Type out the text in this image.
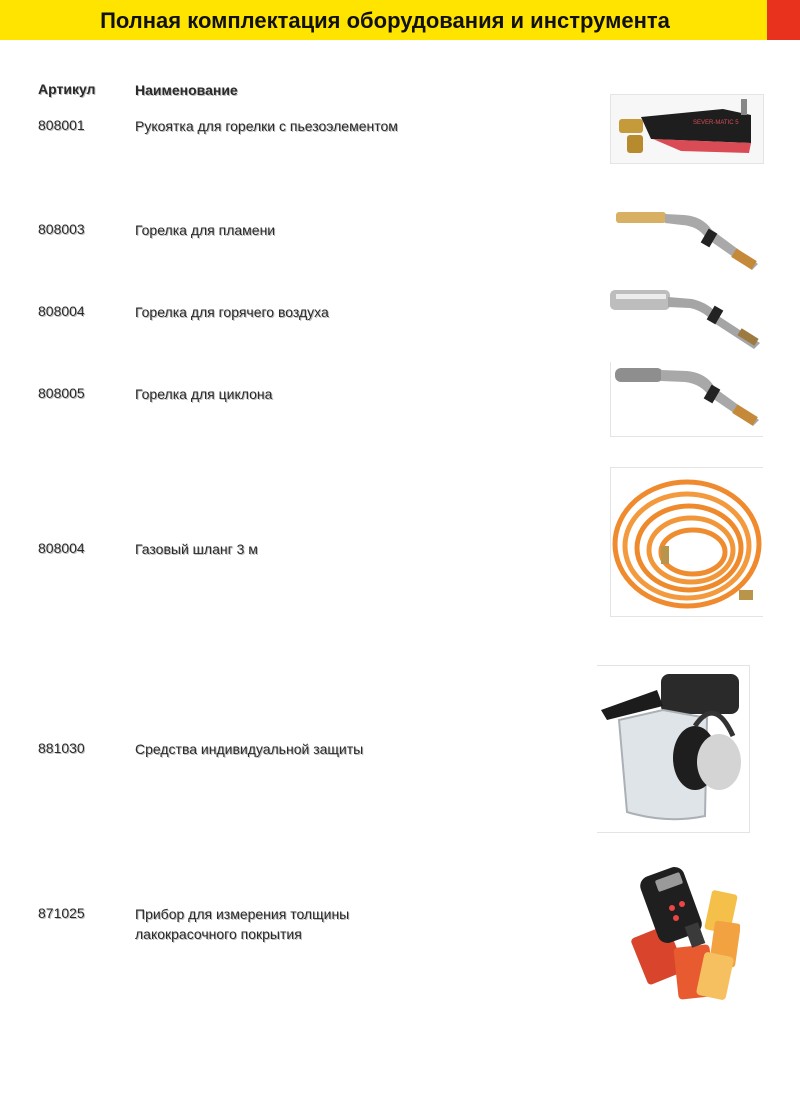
Полная комплектация оборудования и инструмента
Артикул	Наименование
808001	Рукоятка для горелки с пьезоэлементом	SEVER-MATIC 5
808003	Горелка для пламени
808004	Горелка для горячего воздуха
808005	Горелка для циклона
808004	Газовый шланг 3 м
881030	Средства индивидуальной защиты
871025	Прибор для измерения толщины
лакокрасочного покрытия
